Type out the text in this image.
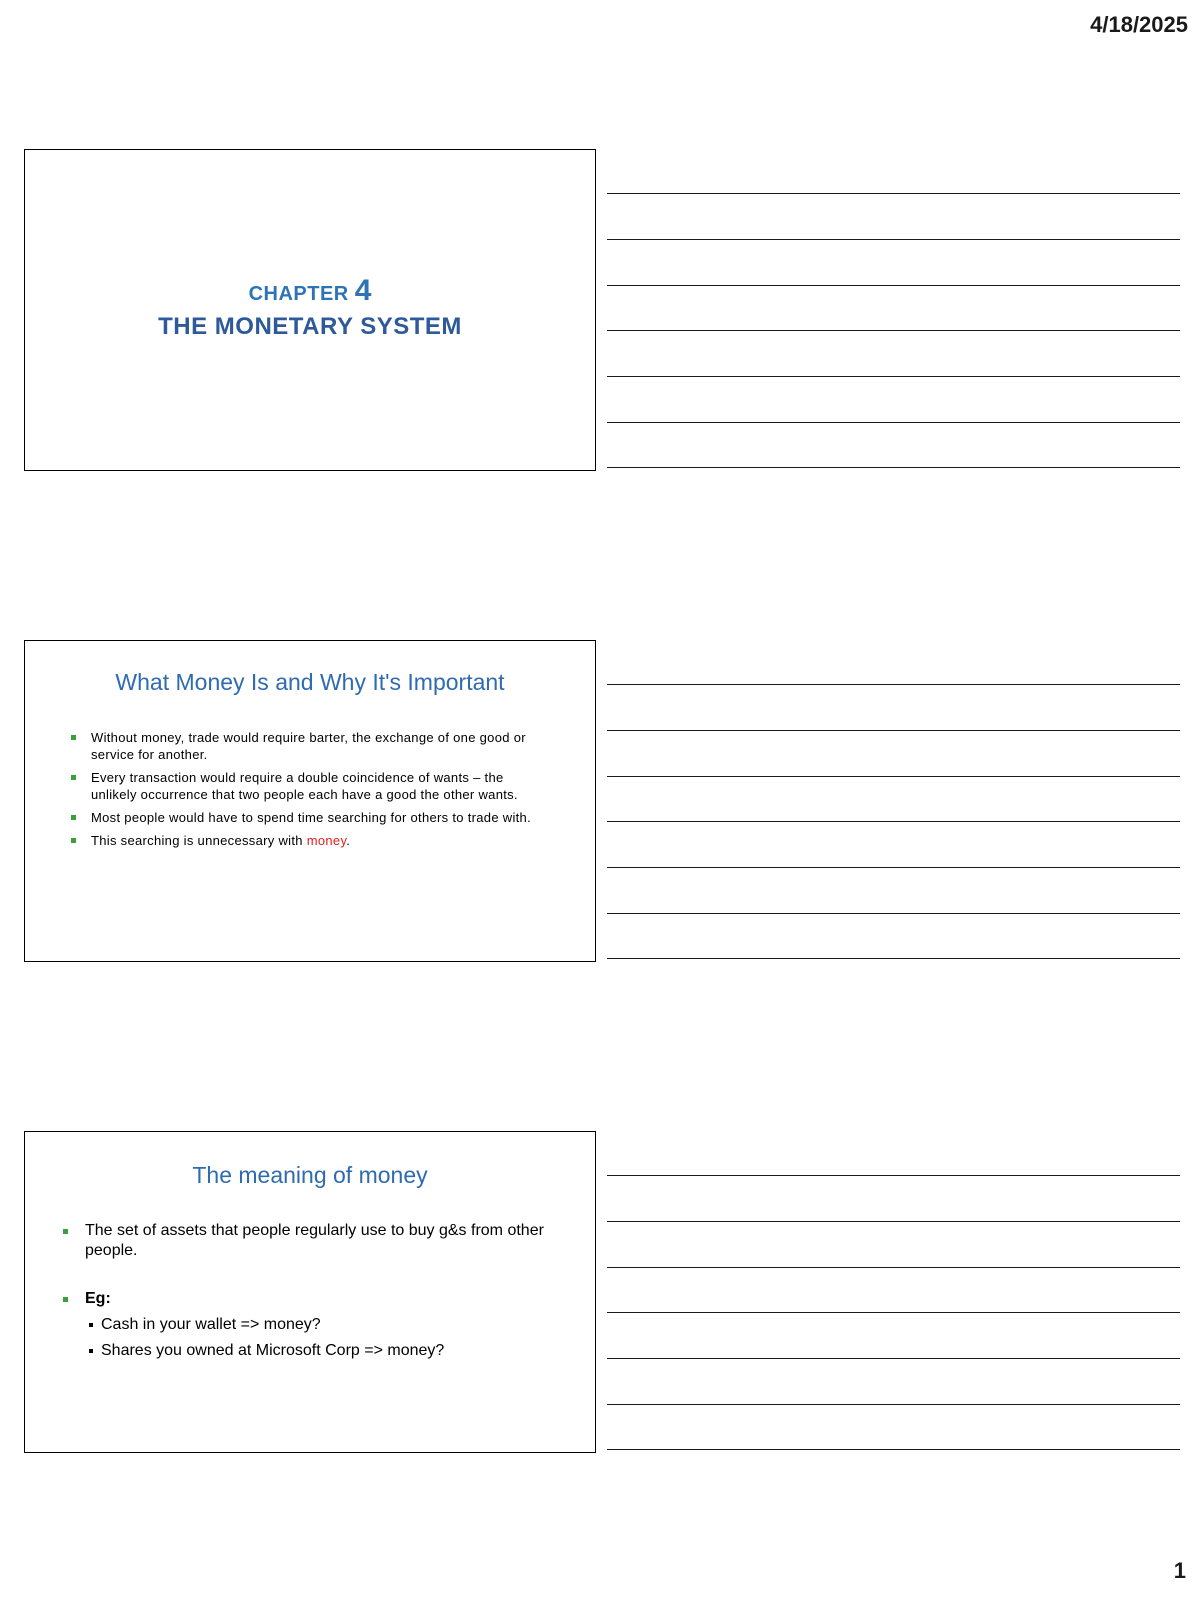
4/18/2025
CHAPTER 4
THE MONETARY SYSTEM
What Money Is and Why It's Important
Without money, trade would require barter, the exchange of one good or service for another.
Every transaction would require a double coincidence of wants – the unlikely occurrence that two people each have a good the other wants.
Most people would have to spend time searching for others to trade with.
This searching is unnecessary with money.
The meaning of money
The set of assets that people regularly use to buy g&s from other people.
Eg:
Cash in your wallet => money?
Shares you owned at Microsoft Corp => money?
1
